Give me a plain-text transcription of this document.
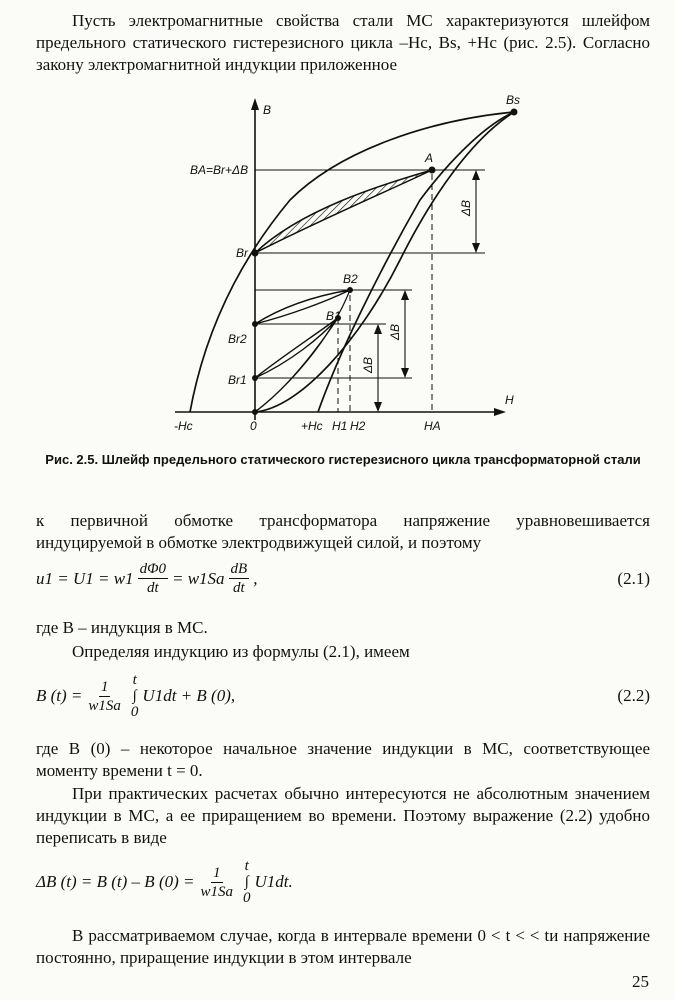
Пусть электромагнитные свойства стали МС характеризуются шлейфом предельного статического гистерезисного цикла –Hc, Bs, +Hc (рис. 2.5). Согласно закону электромагнитной индукции приложенное

B
H
Bs
A
BA=Br+ΔB
Br
B2
B1
Br2
Br1
ΔB
ΔB
ΔB
-Hc	0	+Hc H1 H2	HA
Рис. 2.5. Шлейф предельного статического гистерезисного цикла трансформаторной стали

к первичной обмотке трансформатора напряжение уравновешивается индуцируемой в обмотке электродвижущей силой, и поэтому

$u1 = U1 = w1 \frac{d\Phi 0}{dt} = w1Sa \frac{dB}{dt}$ ,	(2.1)

где B – индукция в МС.

Определяя индукцию из формулы (2.1), имеем

B $(t) = \frac{1}{w1Sa}$ t
∫
0
U1dt + B (0),	(2.2)

где B (0) – некоторое начальное значение индукции в МС, соответствующее моменту времени t = 0.

При практических расчетах обычно интересуются не абсолютным значением индукции в МС, а ее приращением во времени. Поэтому выражение (2.2) удобно переписать в виде

ΔB (t) = B (t) – B $(0) = \frac{1}{w1Sa}$ t
∫
0
U1dt.

В рассматриваемом случае, когда в интервале времени 0 < t < < tи напряжение постоянно, приращение индукции в этом интервале

25
